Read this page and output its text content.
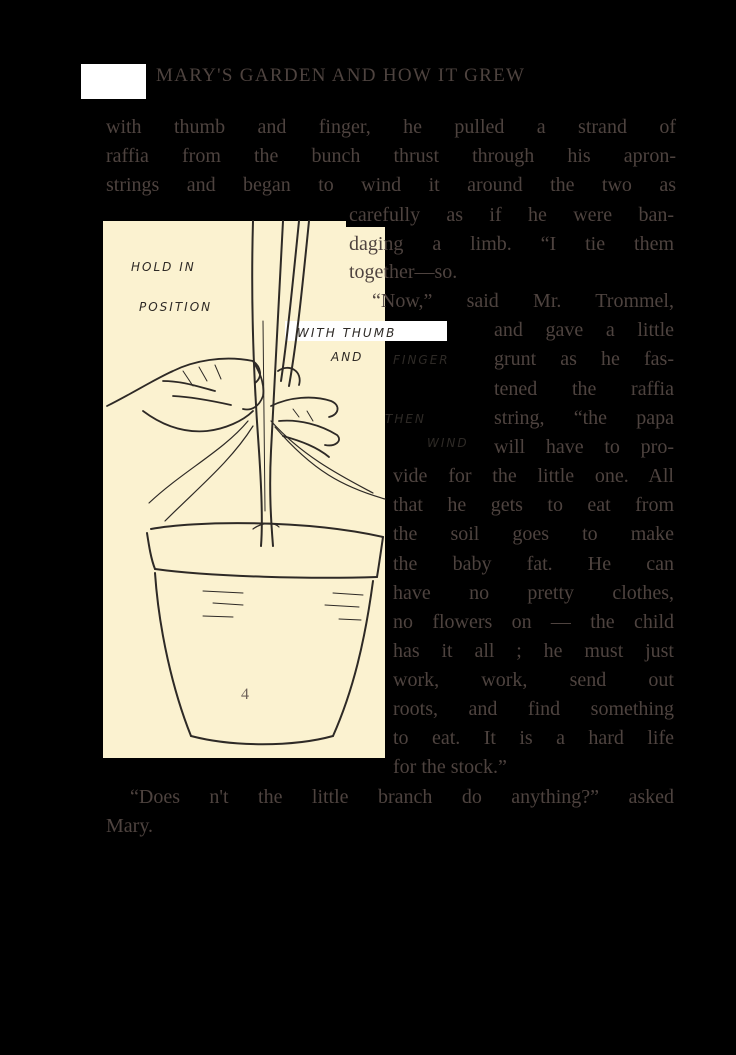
MARY'S GARDEN AND HOW IT GREW
4
HOLD IN
POSITION
WITH THUMB
AND FINGER
THEN
WIND
with thumb and finger, he pulled a strand of
raffia from the bunch thrust through his apron-
strings and began to wind it around the two as
carefully as if he were ban-
daging a limb. “I tie them
together—so.
“Now,” said Mr. Trommel,
and gave a little
grunt as he fas-
tened the raffia
string, “the papa
will have to pro-
vide for the little one. All
that he gets to eat from
the soil goes to make
the baby fat. He can
have no pretty clothes,
no flowers on — the child
has it all ; he must just
work, work, send out
roots, and find something
to eat. It is a hard life
for the stock.”
“Does n't the little branch do anything?” asked
Mary.
